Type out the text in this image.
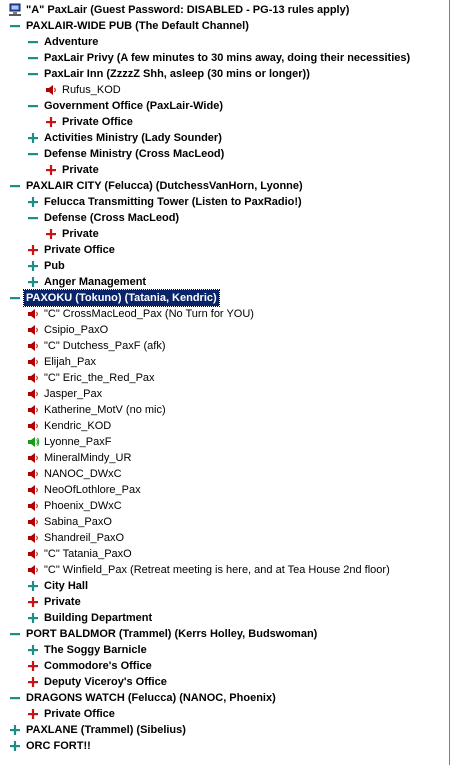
"A" PaxLair (Guest Password: DISABLED - PG-13 rules apply)
PAXLAIR-WIDE PUB (The Default Channel)
Adventure
PaxLair Privy (A few minutes to 30 mins away, doing their necessities)
PaxLair Inn (ZzzzZ Shh, asleep (30 mins or longer))
Rufus_KOD
Government Office (PaxLair-Wide)
Private Office
Activities Ministry (Lady Sounder)
Defense Ministry (Cross MacLeod)
Private
PAXLAIR CITY (Felucca) (DutchessVanHorn, Lyonne)
Felucca Transmitting Tower (Listen to PaxRadio!)
Defense (Cross MacLeod)
Private
Private Office
Pub
Anger Management
PAXOKU (Tokuno) (Tatania, Kendric)
"C" CrossMacLeod_Pax (No Turn for YOU)
Csipio_PaxO
"C" Dutchess_PaxF (afk)
Elijah_Pax
"C" Eric_the_Red_Pax
Jasper_Pax
Katherine_MotV (no mic)
Kendric_KOD
Lyonne_PaxF
MineralMindy_UR
NANOC_DWxC
NeoOfLothlore_Pax
Phoenix_DWxC
Sabina_PaxO
Shandreil_PaxO
"C" Tatania_PaxO
"C" Winfield_Pax (Retreat meeting is here, and at Tea House 2nd floor)
City Hall
Private
Building Department
PORT BALDMOR (Trammel) (Kerrs Holley, Budswoman)
The Soggy Barnicle
Commodore's Office
Deputy Viceroy's Office
DRAGONS WATCH (Felucca) (NANOC, Phoenix)
Private Office
PAXLANE (Trammel) (Sibelius)
ORC FORT!!
